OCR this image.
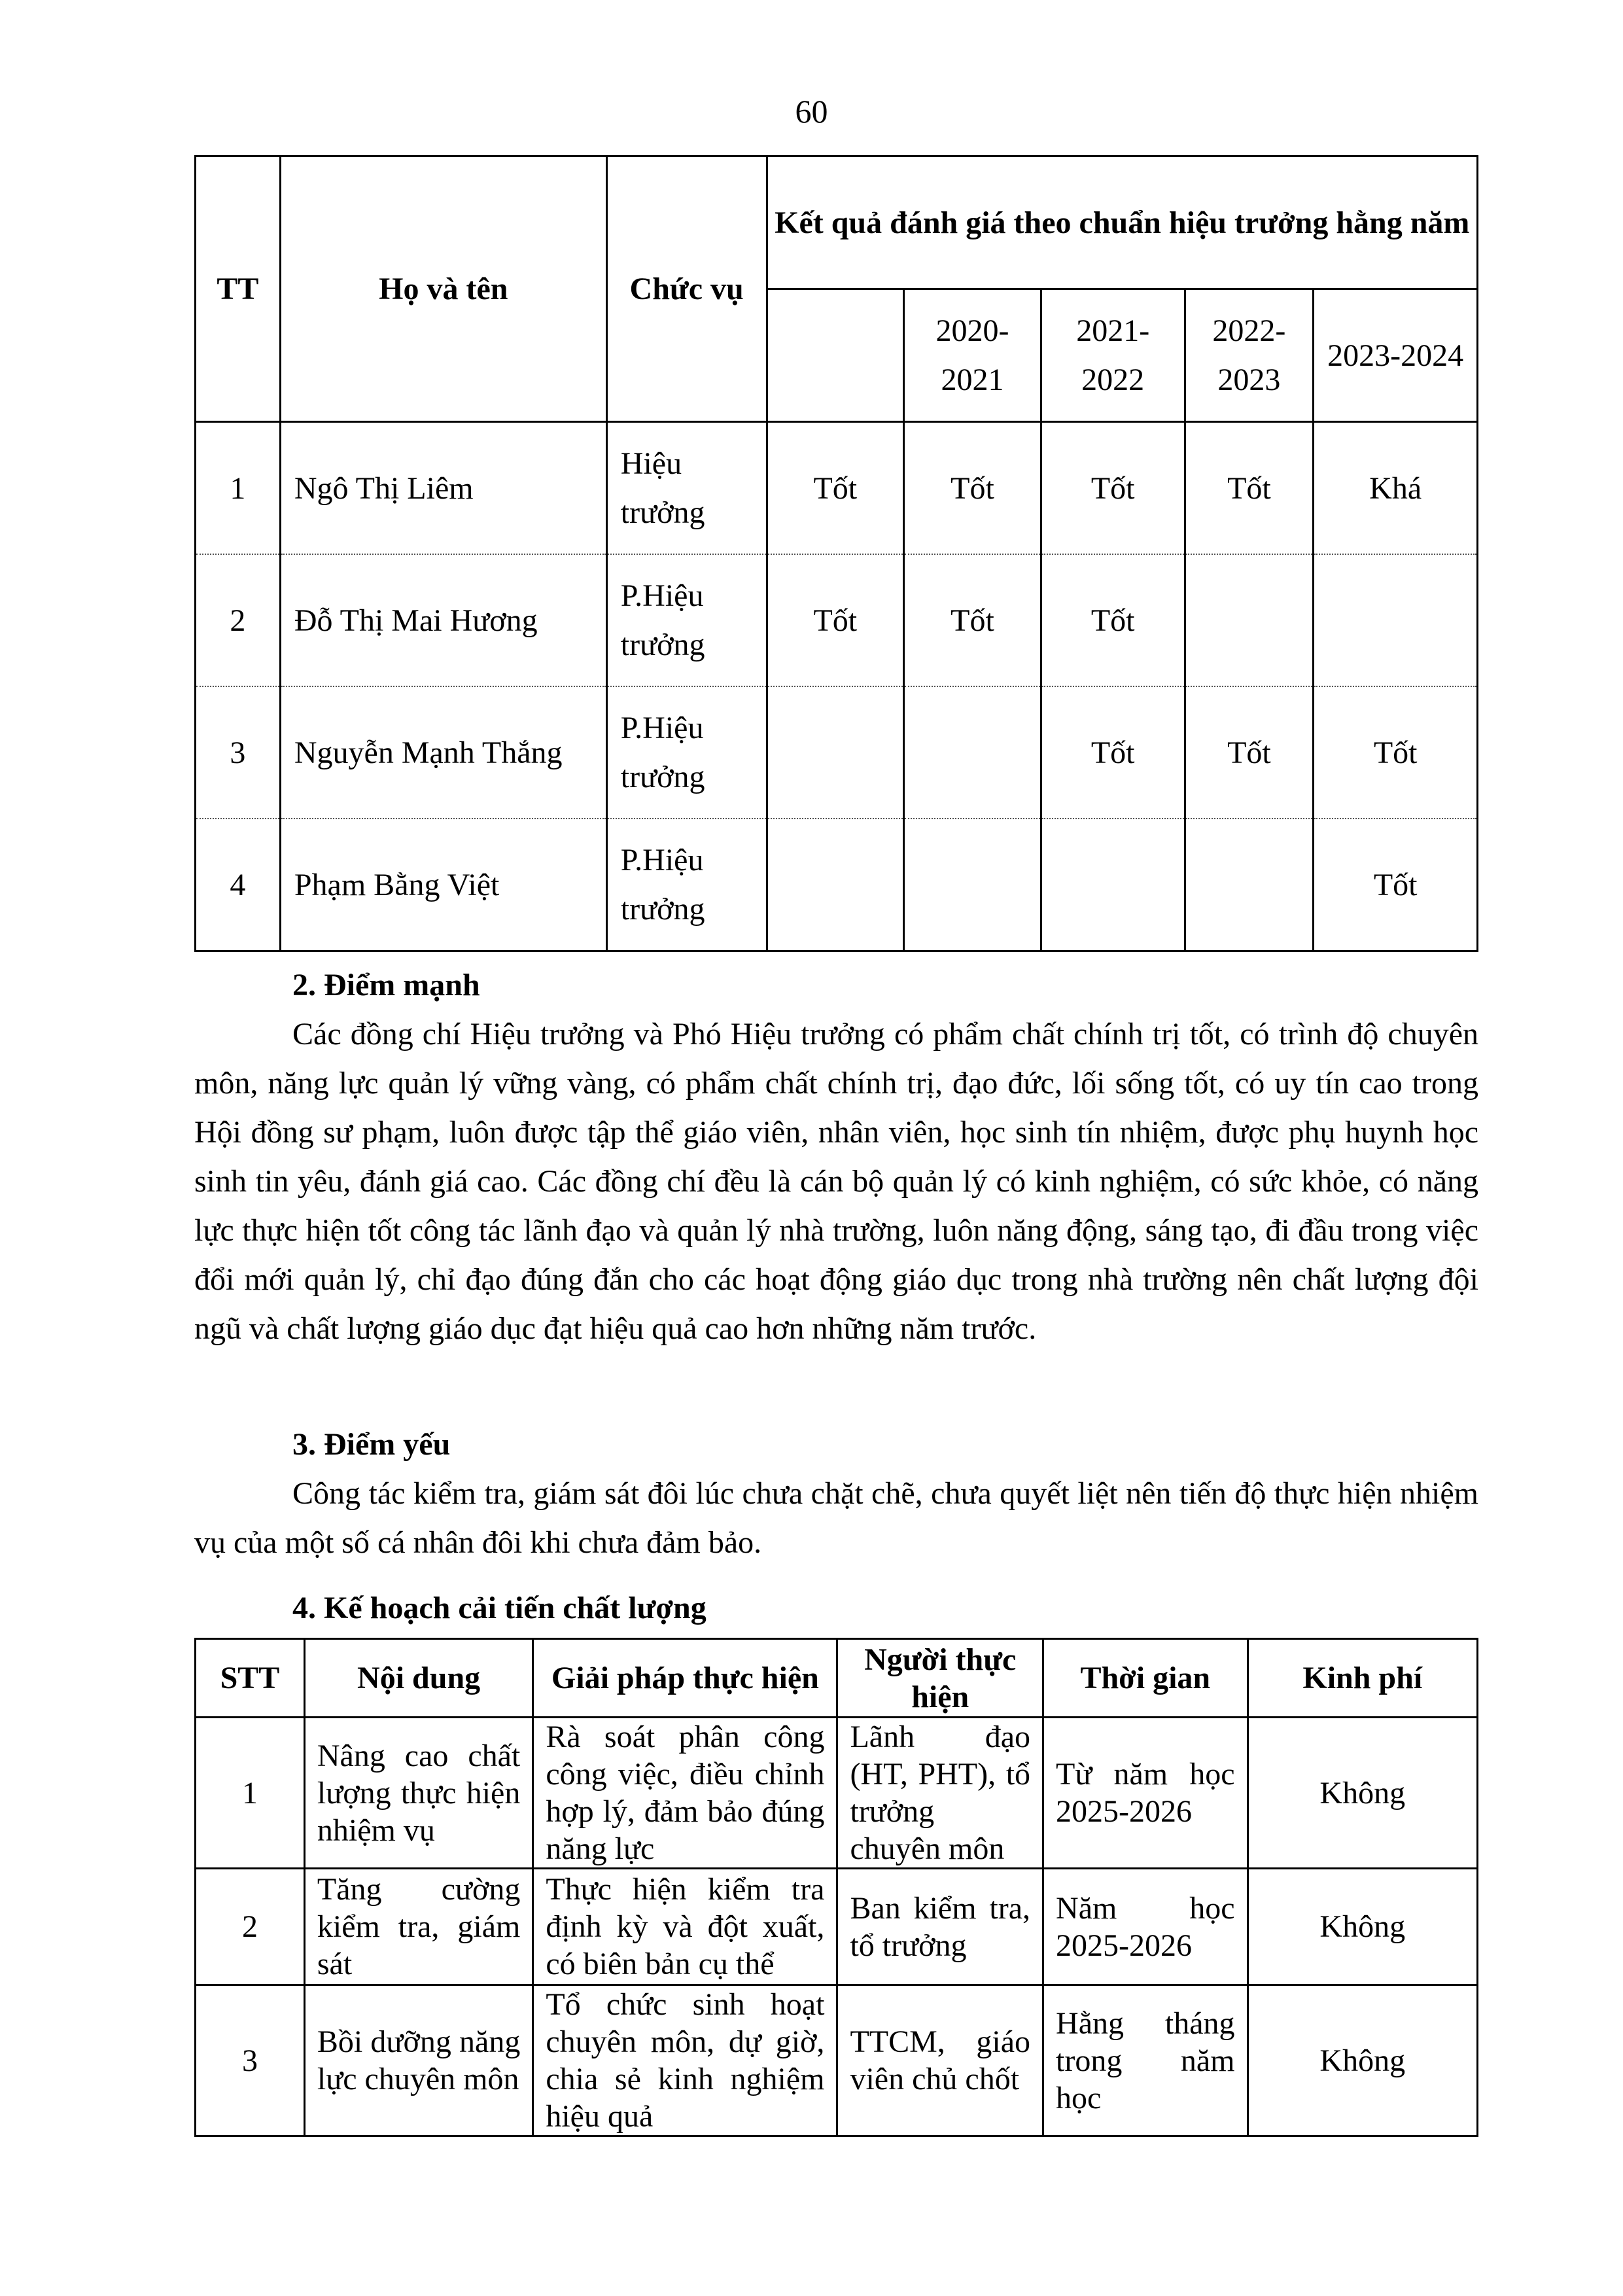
60
TT	Họ và tên	Chức vụ	Kết quả đánh giá theo chuẩn hiệu trưởng hằng năm				
				2020-2021	2021-2022	2022-2023	2023-2024
1	Ngô Thị Liêm	Hiệu trưởng	Tốt	Tốt	Tốt	Tốt	Khá
2	Đỗ Thị Mai Hương	P.Hiệu trưởng	Tốt	Tốt	Tốt		
3	Nguyễn Mạnh Thắng	P.Hiệu trưởng			Tốt	Tốt	Tốt
4	Phạm Bằng Việt	P.Hiệu trưởng					Tốt
2. Điểm mạnh
Các đồng chí Hiệu trưởng và Phó Hiệu trưởng có phẩm chất chính trị tốt, có trình độ chuyên môn, năng lực quản lý vững vàng, có phẩm chất chính trị, đạo đức, lối sống tốt, có uy tín cao trong Hội đồng sư phạm, luôn được tập thể giáo viên, nhân viên, học sinh tín nhiệm, được phụ huynh học sinh tin yêu, đánh giá cao. Các đồng chí đều là cán bộ quản lý có kinh nghiệm, có sức khỏe, có năng lực thực hiện tốt công tác lãnh đạo và quản lý nhà trường, luôn năng động, sáng tạo, đi đầu trong việc đổi mới quản lý, chỉ đạo đúng đắn cho các hoạt động giáo dục trong nhà trường nên chất lượng đội ngũ và chất lượng giáo dục đạt hiệu quả cao hơn những năm trước.
3. Điểm yếu
Công tác kiểm tra, giám sát đôi lúc chưa chặt chẽ, chưa quyết liệt nên tiến độ thực hiện nhiệm vụ của một số cá nhân đôi khi chưa đảm bảo.
4. Kế hoạch cải tiến chất lượng
STT	Nội dung	Giải pháp thực hiện	Người thực hiện	Thời gian	Kinh phí
1	Nâng cao chất lượng thực hiện nhiệm vụ	Rà soát phân công công việc, điều chỉnh hợp lý, đảm bảo đúng năng lực	Lãnh đạo (HT, PHT), tổ trưởng chuyên môn	Từ năm học 2025-2026	Không
2	Tăng cường kiểm tra, giám sát	Thực hiện kiểm tra định kỳ và đột xuất, có biên bản cụ thể	Ban kiểm tra, tổ trưởng	Năm học 2025-2026	Không
3	Bồi dưỡng năng lực chuyên môn	Tổ chức sinh hoạt chuyên môn, dự giờ, chia sẻ kinh nghiệm hiệu quả	TTCM, giáo viên chủ chốt	Hằng tháng trong năm học	Không
